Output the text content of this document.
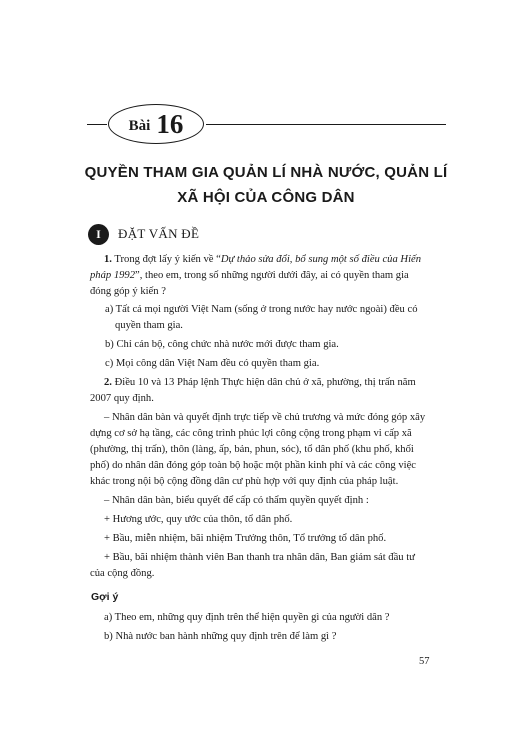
Bài 16
QUYỀN THAM GIA QUẢN LÍ NHÀ NƯỚC, QUẢN LÍ
XÃ HỘI CỦA CÔNG DÂN
I	ĐẶT VẤN ĐỀ
1. Trong đợt lấy ý kiến về “Dự thảo sửa đổi, bổ sung một số điều của Hiến
pháp 1992”, theo em, trong số những người dưới đây, ai có quyền tham gia
đóng góp ý kiến ?
a) Tất cả mọi người Việt Nam (sống ở trong nước hay nước ngoài) đều có
quyền tham gia.
b) Chỉ cán bộ, công chức nhà nước mới được tham gia.
c) Mọi công dân Việt Nam đều có quyền tham gia.
2. Điều 10 và 13 Pháp lệnh Thực hiện dân chủ ở xã, phường, thị trấn năm
2007 quy định.
– Nhân dân bàn và quyết định trực tiếp về chủ trương và mức đóng góp xây
dựng cơ sở hạ tầng, các công trình phúc lợi công cộng trong phạm vi cấp xã
(phường, thị trấn), thôn (làng, ấp, bản, phun, sóc), tổ dân phố (khu phố, khối
phố) do nhân dân đóng góp toàn bộ hoặc một phần kinh phí và các công việc
khác trong nội bộ cộng đồng dân cư phù hợp với quy định của pháp luật.
– Nhân dân bàn, biểu quyết để cấp có thẩm quyền quyết định :
+ Hương ước, quy ước của thôn, tổ dân phố.
+ Bầu, miễn nhiệm, bãi nhiệm Trưởng thôn, Tổ trưởng tổ dân phố.
+ Bầu, bãi nhiệm thành viên Ban thanh tra nhân dân, Ban giám sát đầu tư
của cộng đồng.
Gợi ý
a) Theo em, những quy định trên thể hiện quyền gì của người dân ?
b) Nhà nước ban hành những quy định trên để làm gì ?
57
